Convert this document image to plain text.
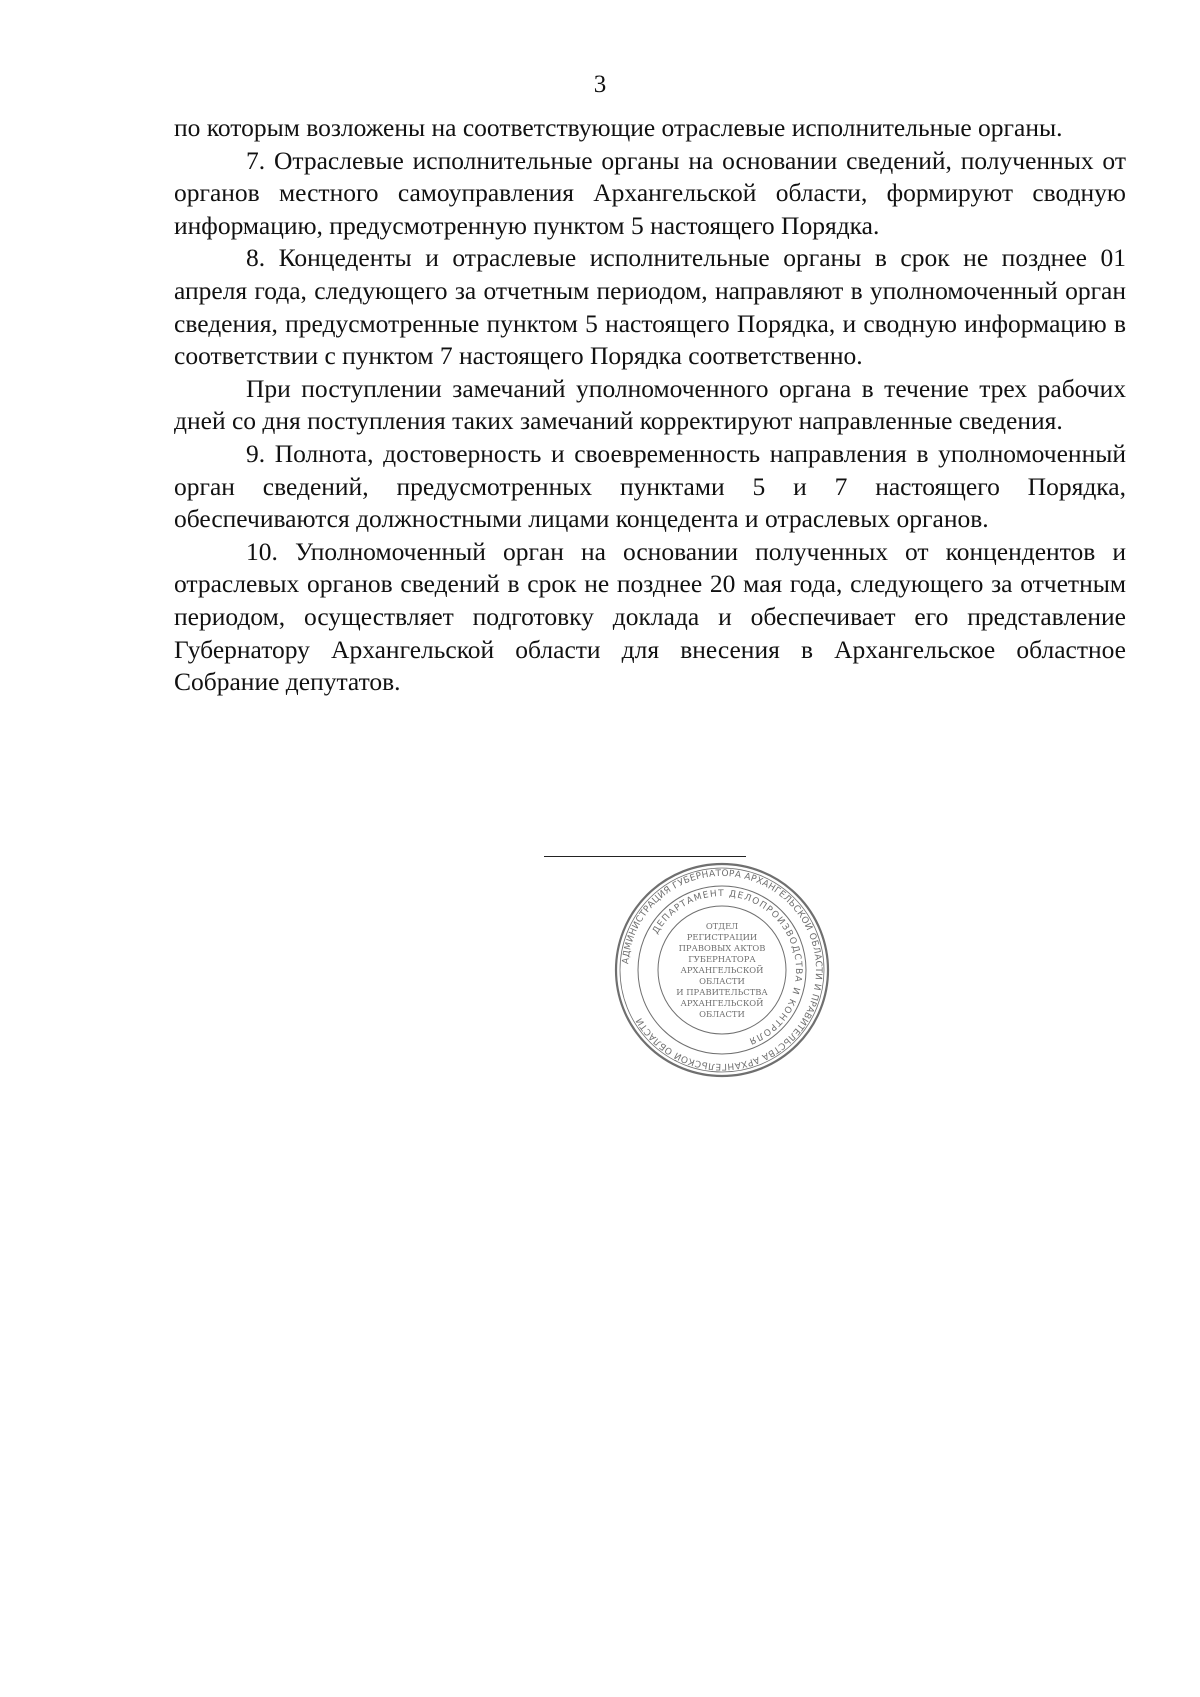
3

по которым возложены на соответствующие отраслевые исполнительные органы.

7. Отраслевые исполнительные органы на основании сведений, полученных от органов местного самоуправления Архангельской области, формируют сводную информацию, предусмотренную пунктом 5 настоящего Порядка.

8. Концеденты и отраслевые исполнительные органы в срок не позднее 01 апреля года, следующего за отчетным периодом, направляют в уполномоченный орган сведения, предусмотренные пунктом 5 настоящего Порядка, и сводную информацию в соответствии с пунктом 7 настоящего Порядка соответственно.

При поступлении замечаний уполномоченного органа в течение трех рабочих дней со дня поступления таких замечаний корректируют направленные сведения.

9. Полнота, достоверность и своевременность направления в уполномоченный орган сведений, предусмотренных пунктами 5 и 7 настоящего Порядка, обеспечиваются должностными лицами концедента и отраслевых органов.

10. Уполномоченный орган на основании полученных от концендентов и отраслевых органов сведений в срок не позднее 20 мая года, следующего за отчетным периодом, осуществляет подготовку доклада и обеспечивает его представление Губернатору Архангельской области для внесения в Архангельское областное Собрание депутатов.

АДМИНИСТРАЦИЯ ГУБЕРНАТОРА АРХАНГЕЛЬСКОЙ ОБЛАСТИ И ПРАВИТЕЛЬСТВА АРХАНГЕЛЬСКОЙ ОБЛАСТИ
ДЕПАРТАМЕНТ ДЕЛОПРОИЗВОДСТВА И КОНТРОЛЯ
ОТДЕЛ
РЕГИСТРАЦИИ
ПРАВОВЫХ АКТОВ
ГУБЕРНАТОРА
АРХАНГЕЛЬСКОЙ
ОБЛАСТИ
И ПРАВИТЕЛЬСТВА
АРХАНГЕЛЬСКОЙ
ОБЛАСТИ
